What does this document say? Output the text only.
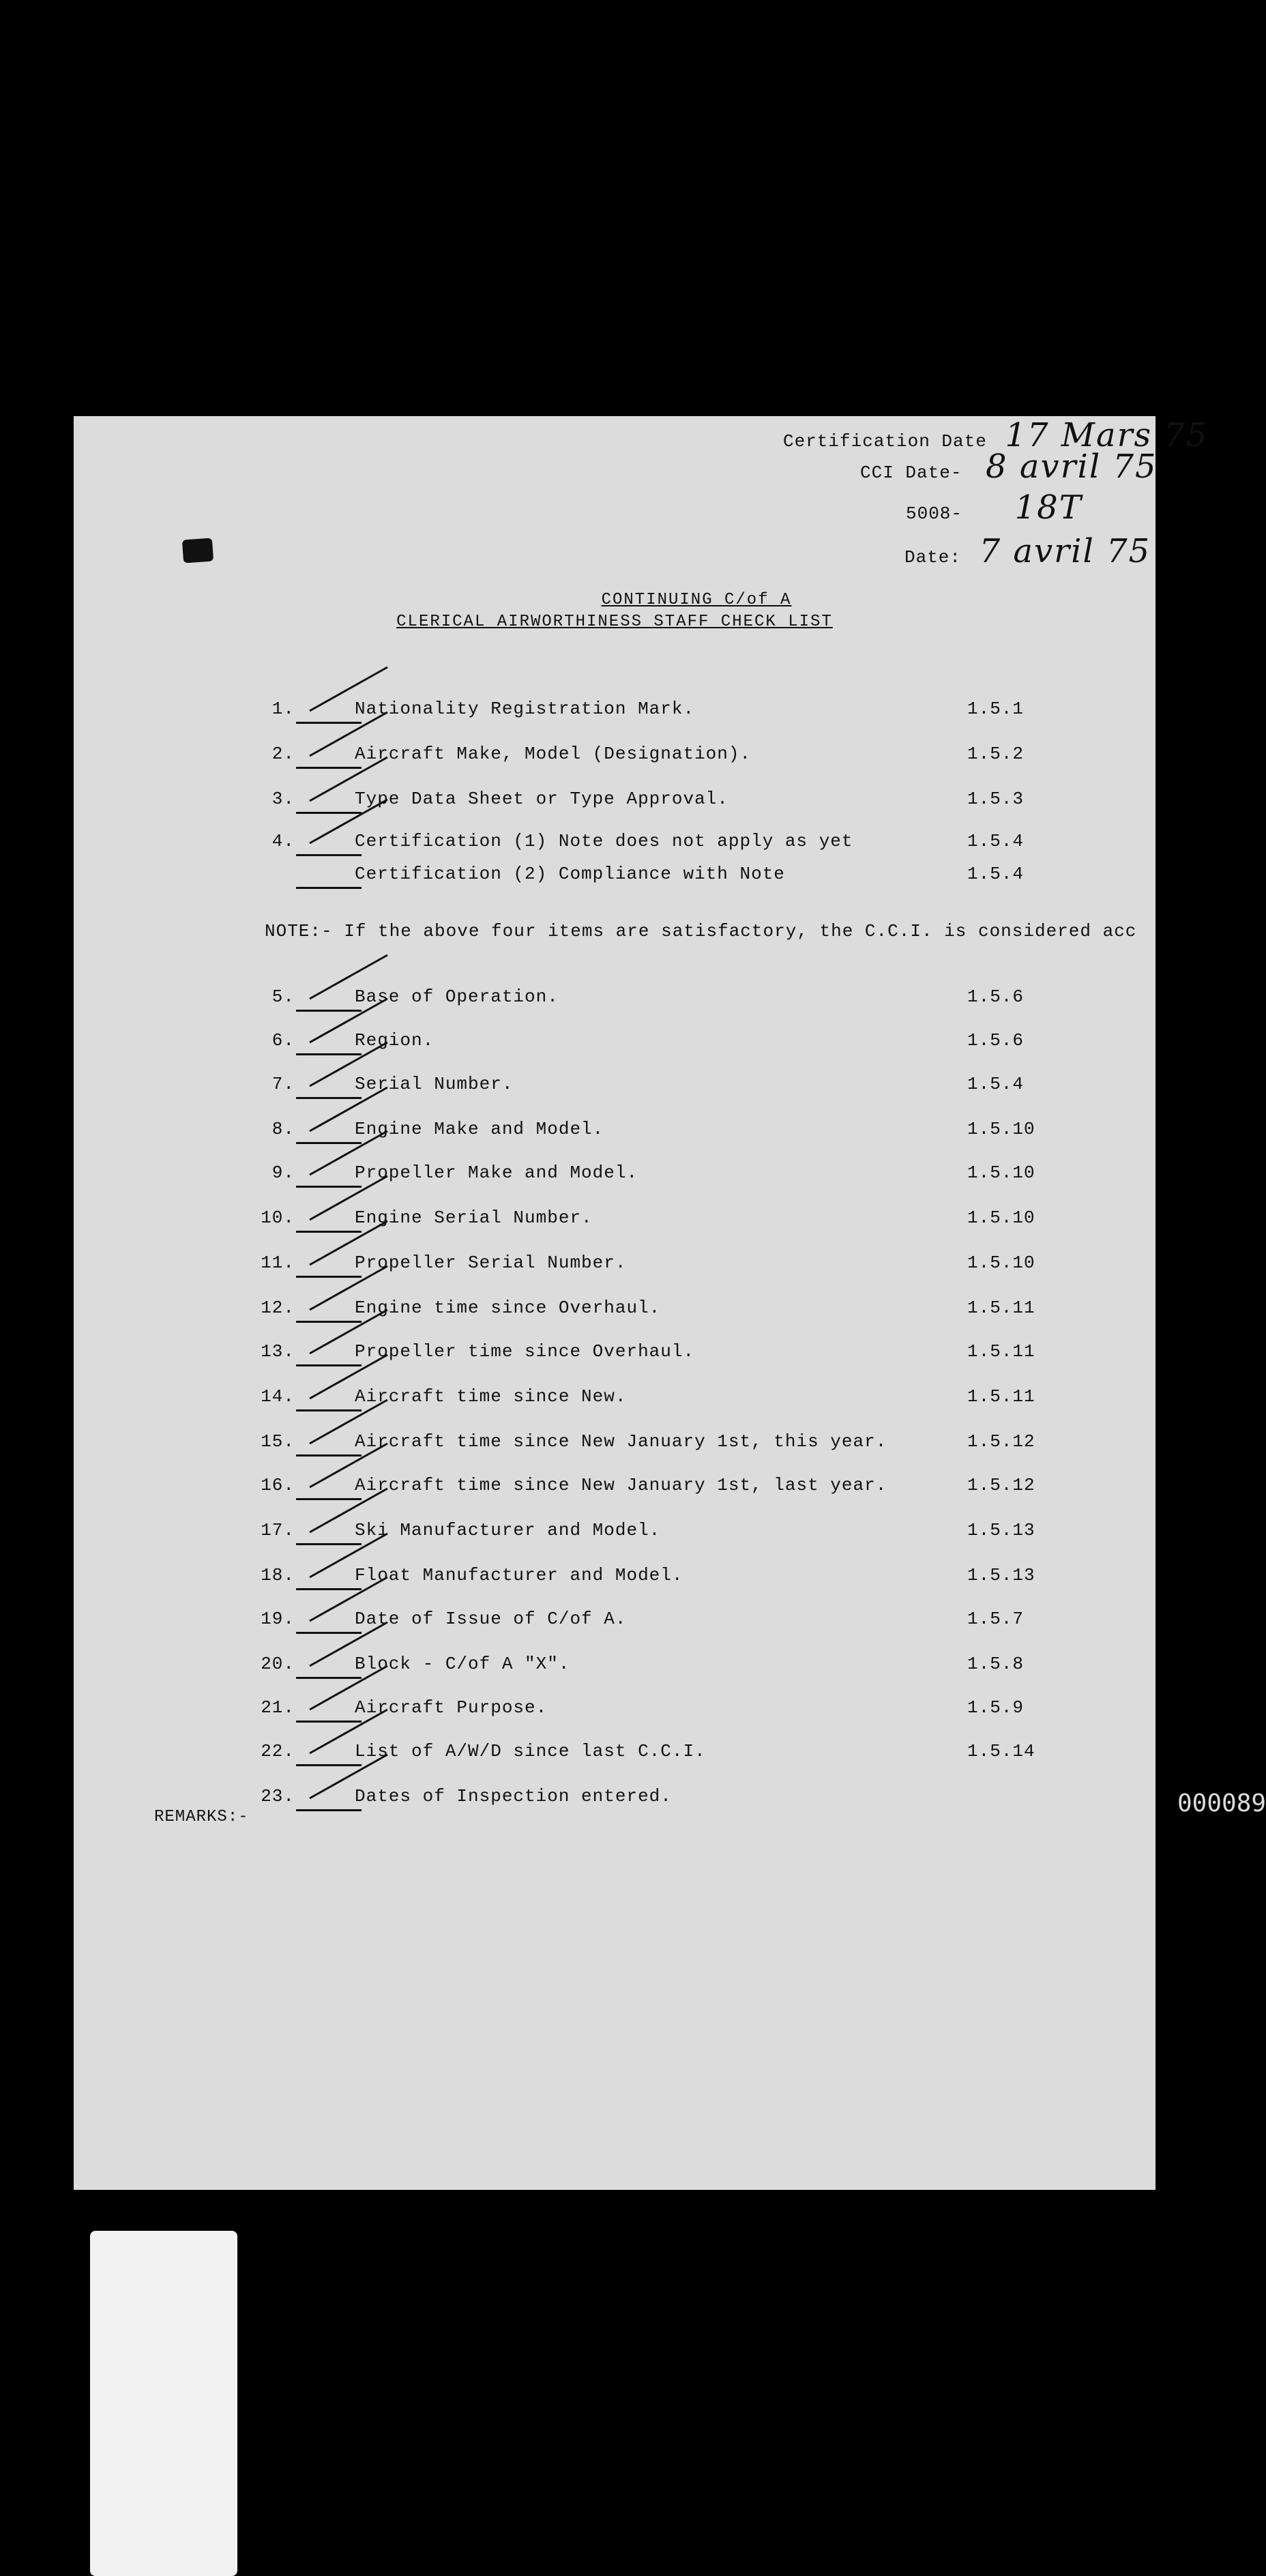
Certification Date 17 Mars 75
CCI Date- 8 avril 75
5008- 18T
Date: 7 avril 75
CONTINUING C/of A
CLERICAL AIRWORTHINESS STAFF CHECK LIST
1.	Nationality Registration Mark.	1.5.1
2.	Aircraft Make, Model (Designation).	1.5.2
3.	Type Data Sheet or Type Approval.	1.5.3
4.	Certification (1) Note does not apply as yet	1.5.4
Certification (2) Compliance with Note	1.5.4
NOTE:- If the above four items are satisfactory, the C.C.I. is considered acc
5.	Base of Operation.	1.5.6
6.	Region.	1.5.6
7.	Serial Number.	1.5.4
8.	Engine Make and Model.	1.5.10
9.	Propeller Make and Model.	1.5.10
10.	Engine Serial Number.	1.5.10
11.	Propeller Serial Number.	1.5.10
12.	Engine time since Overhaul.	1.5.11
13.	Propeller time since Overhaul.	1.5.11
14.	Aircraft time since New.	1.5.11
15.	Aircraft time since New January 1st, this year.	1.5.12
16.	Aircraft time since New January 1st, last year.	1.5.12
17.	Ski Manufacturer and Model.	1.5.13
18.	Float Manufacturer and Model.	1.5.13
19.	Date of Issue of C/of A.	1.5.7
20.	Block - C/of A "X".	1.5.8
21.	Aircraft Purpose.	1.5.9
22.	List of A/W/D since last C.C.I.	1.5.14
23.	Dates of Inspection entered.
REMARKS:-	000089
